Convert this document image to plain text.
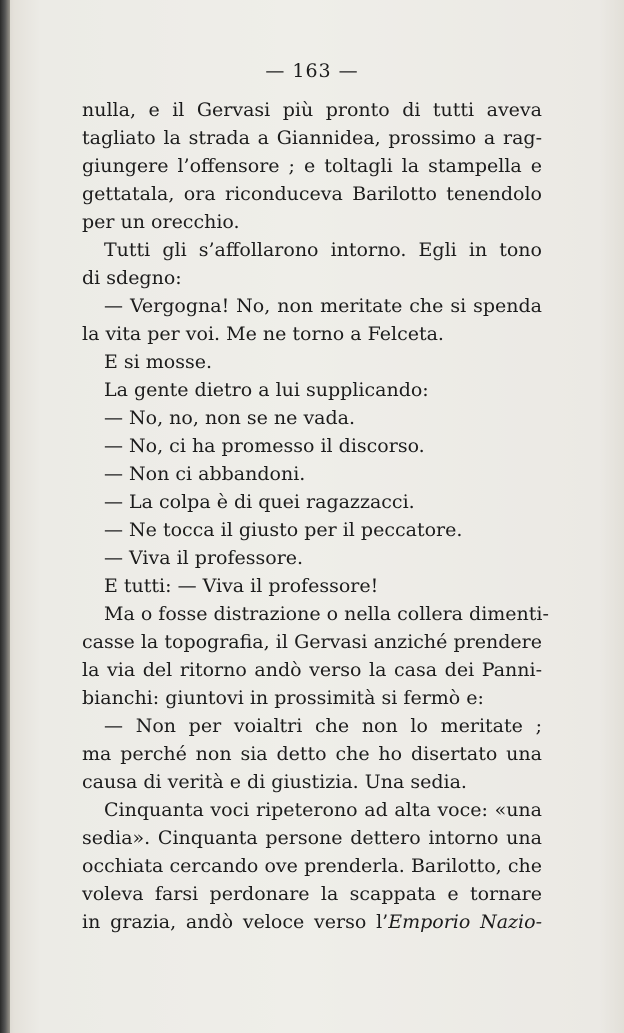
— 163 —
nulla, e il Gervasi più pronto di tutti aveva
tagliato la strada a Giannidea, prossimo a rag-
giungere l’offensore ; e toltagli la stampella e
gettatala, ora riconduceva Barilotto tenendolo
per un orecchio.
Tutti gli s’affollarono intorno. Egli in tono
di sdegno:
— Vergogna! No, non meritate che si spenda
la vita per voi. Me ne torno a Felceta.
E si mosse.
La gente dietro a lui supplicando:
— No, no, non se ne vada.
— No, ci ha promesso il discorso.
— Non ci abbandoni.
— La colpa è di quei ragazzacci.
— Ne tocca il giusto per il peccatore.
— Viva il professore.
E tutti: — Viva il professore!
Ma o fosse distrazione o nella collera dimenti-
casse la topografia, il Gervasi anziché prendere
la via del ritorno andò verso la casa dei Panni-
bianchi: giuntovi in prossimità si fermò e:
— Non per voialtri che non lo meritate ;
ma perché non sia detto che ho disertato una
causa di verità e di giustizia. Una sedia.
Cinquanta voci ripeterono ad alta voce: «una
sedia». Cinquanta persone dettero intorno una
occhiata cercando ove prenderla. Barilotto, che
voleva farsi perdonare la scappata e tornare
in grazia, andò veloce verso l’Emporio Nazio-
